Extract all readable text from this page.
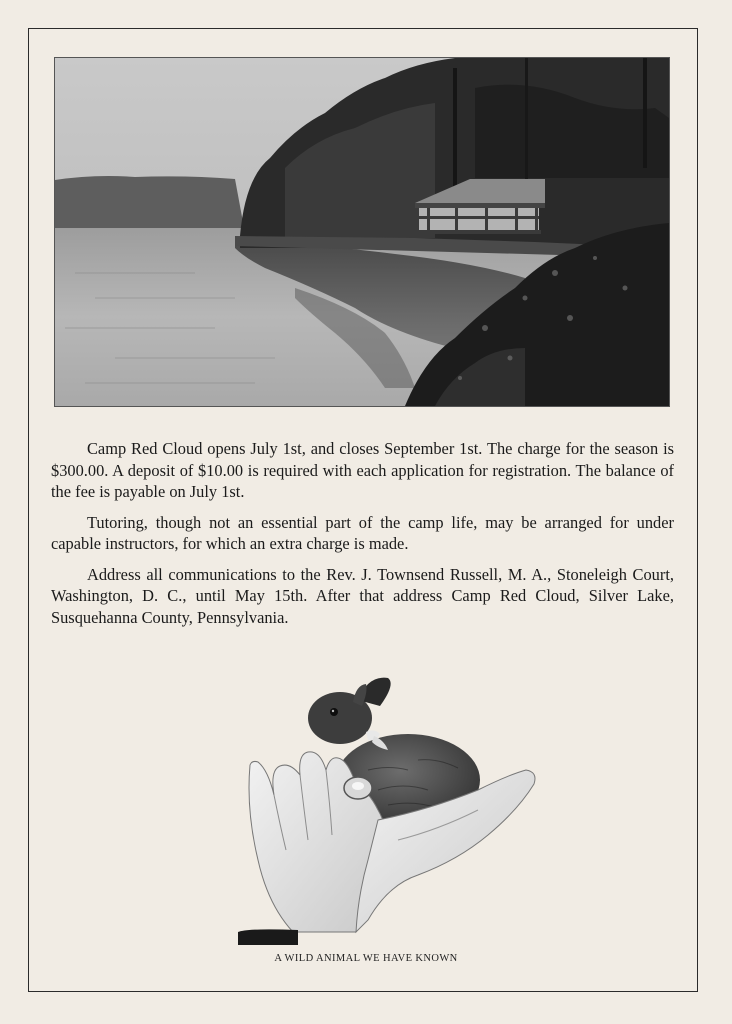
Camp Red Cloud opens July 1st, and closes September 1st. The charge for the season is $300.00. A deposit of $10.00 is required with each application for registration. The balance of the fee is payable on July 1st.

Tutoring, though not an essential part of the camp life, may be arranged for under capable instructors, for which an extra charge is made.

Address all communications to the Rev. J. Townsend Russell, M. A., Stoneleigh Court, Washington, D. C., until May 15th. After that address Camp Red Cloud, Silver Lake, Susquehanna County, Pennsylvania.

A WILD ANIMAL WE HAVE KNOWN
